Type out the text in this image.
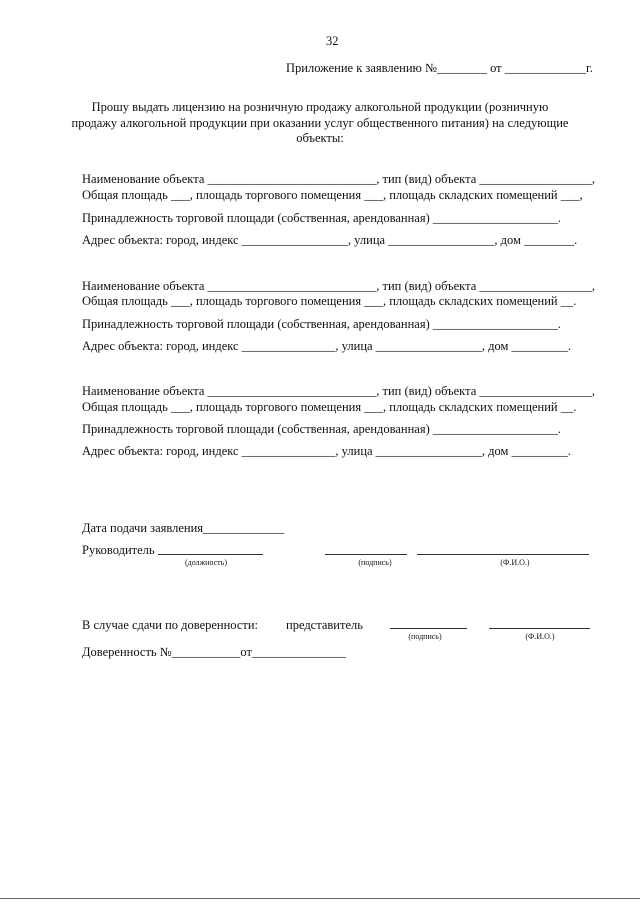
32
Приложение к заявлению №________ от _____________г.
Прошу выдать лицензию на розничную продажу алкогольной продукции (розничную
продажу алкогольной продукции при оказании услуг общественного питания) на следующие
объекты:
Наименование объекта ___________________________, тип (вид) объекта __________________,
Общая площадь ___, площадь торгового помещения ___, площадь складских помещений ___,
Принадлежность торговой площади (собственная, арендованная) ____________________.
Адрес объекта: город, индекс _________________, улица _________________, дом ________.
Наименование объекта ___________________________, тип (вид) объекта __________________,
Общая площадь ___, площадь торгового помещения ___, площадь складских помещений __.
Принадлежность торговой площади (собственная, арендованная) ____________________.
Адрес объекта: город, индекс _______________, улица _________________, дом _________.
Наименование объекта ___________________________, тип (вид) объекта __________________,
Общая площадь ___, площадь торгового помещения ___, площадь складских помещений __.
Принадлежность торговой площади (собственная, арендованная) ____________________.
Адрес объекта: город, индекс _______________, улица _________________, дом _________.
Дата подачи заявления_____________
Руководитель
(должность)	(подпись)	(Ф.И.О.)
В случае сдачи по доверенности: представитель
(подпись)	(Ф.И.О.)
Доверенность №___________от_______________
